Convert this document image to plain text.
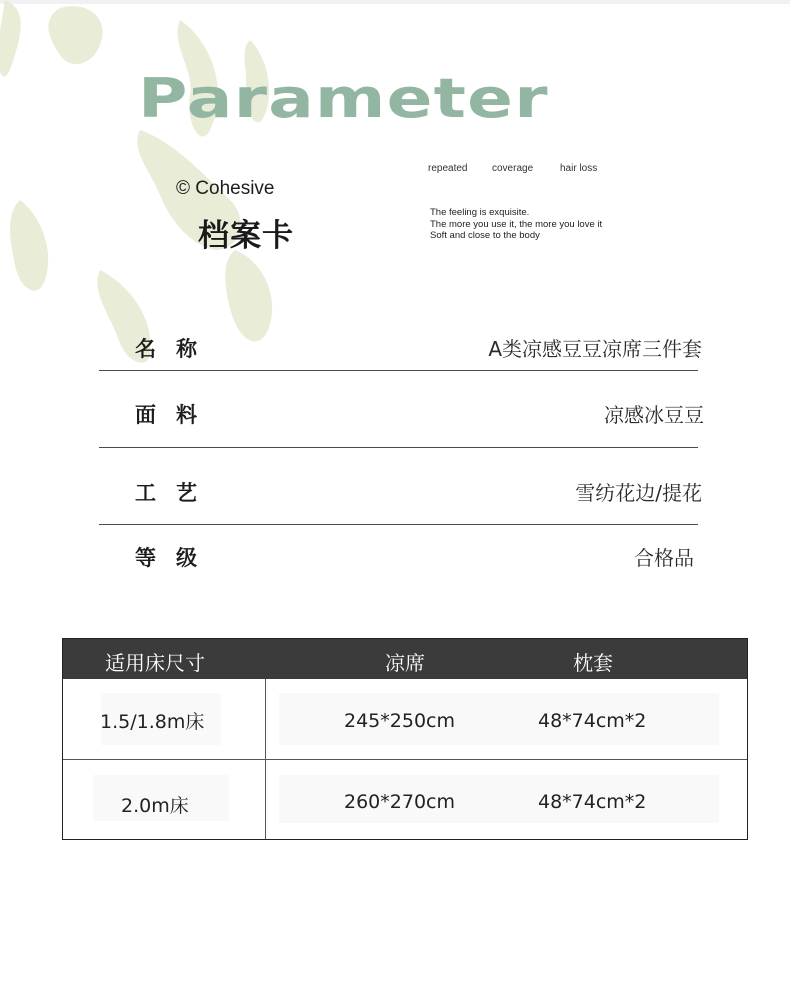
Parameter
© Cohesive
档案卡
repeated coverage	hair loss
The feeling is exquisite.
The more you use it, the more you love it
Soft and close to the body
名称	A类凉感豆豆凉席三件套
面料	凉感冰豆豆
工艺	雪纺花边/提花
等级	合格品
适用床尺寸	凉席	枕套
1.5/1.8m床	245*250cm	48*74cm*2
2.0m床	260*270cm	48*74cm*2
